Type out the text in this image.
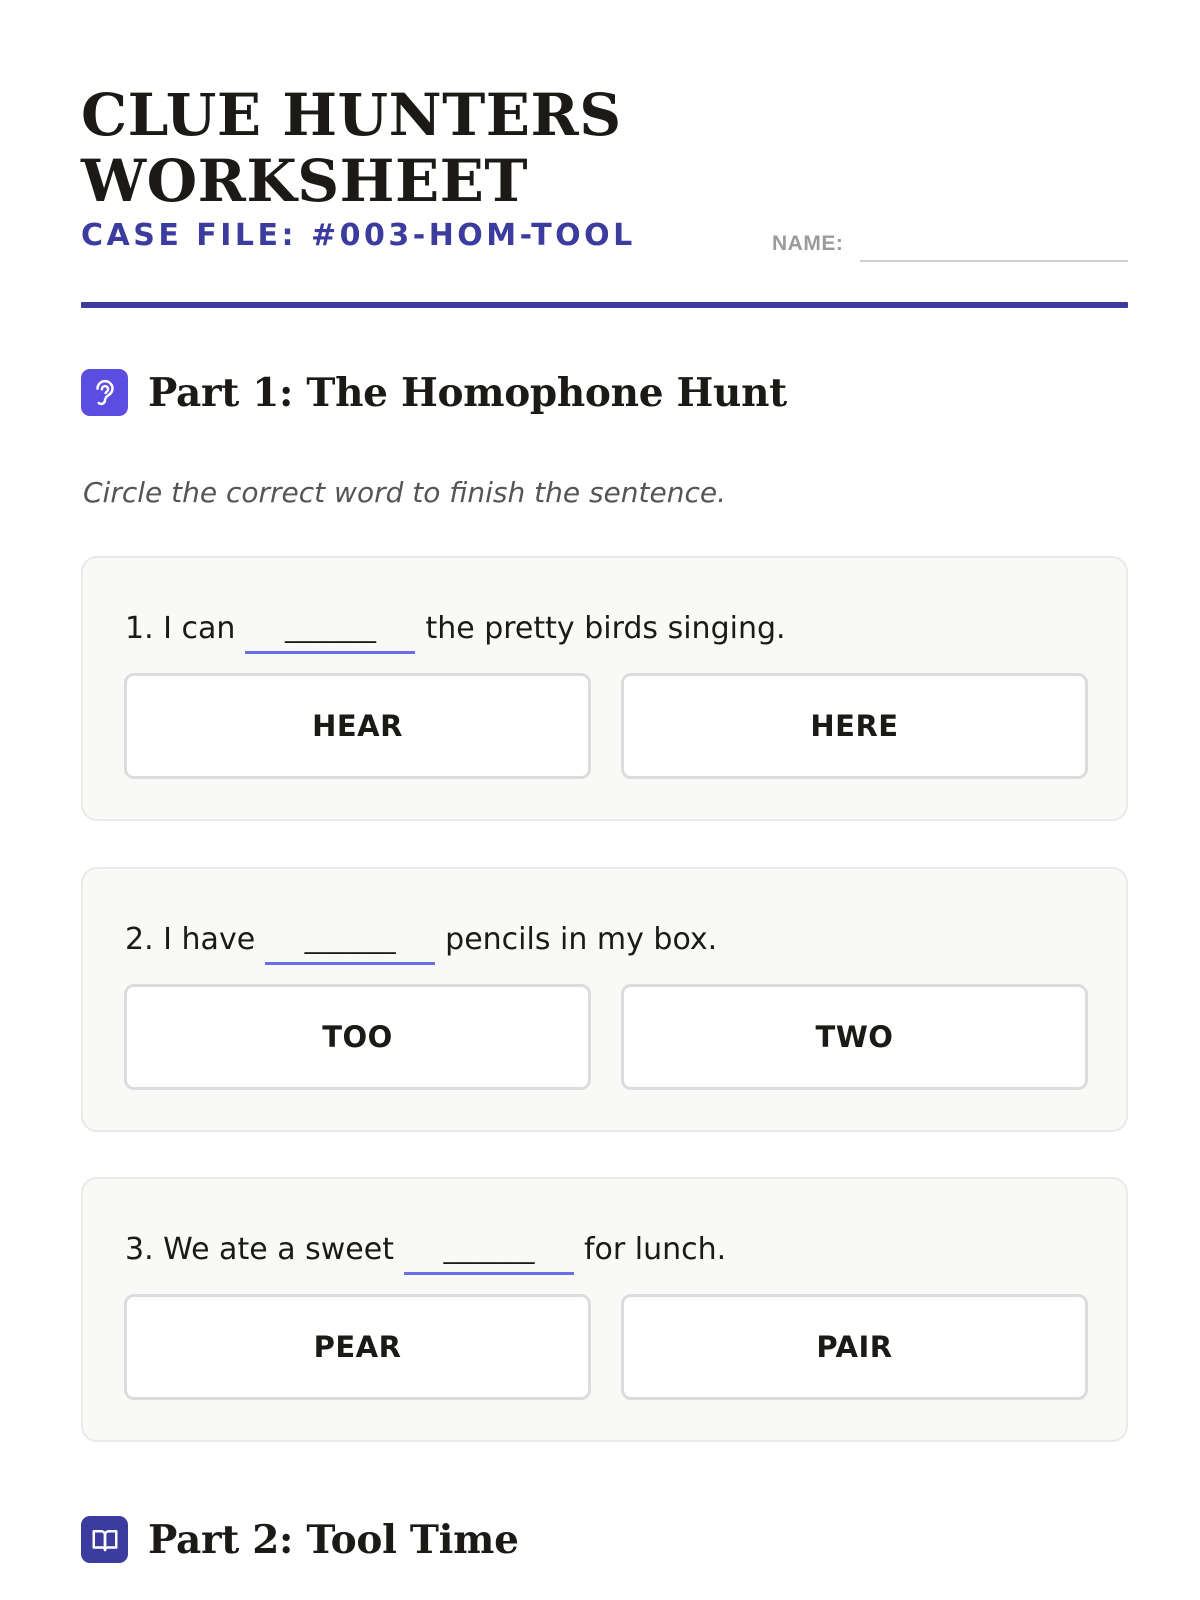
CLUE HUNTERS
WORKSHEET
CASE FILE: #003-HOM-TOOL	NAME:
Part 1: The Homophone Hunt
Circle the correct word to finish the sentence.
1. I can	_______	the pretty birds singing.
HEAR	HERE
2. I have	_______	pencils in my box.
TOO	TWO
3. We ate a sweet	_______	for lunch.
PEAR	PAIR
Part 2: Tool Time
